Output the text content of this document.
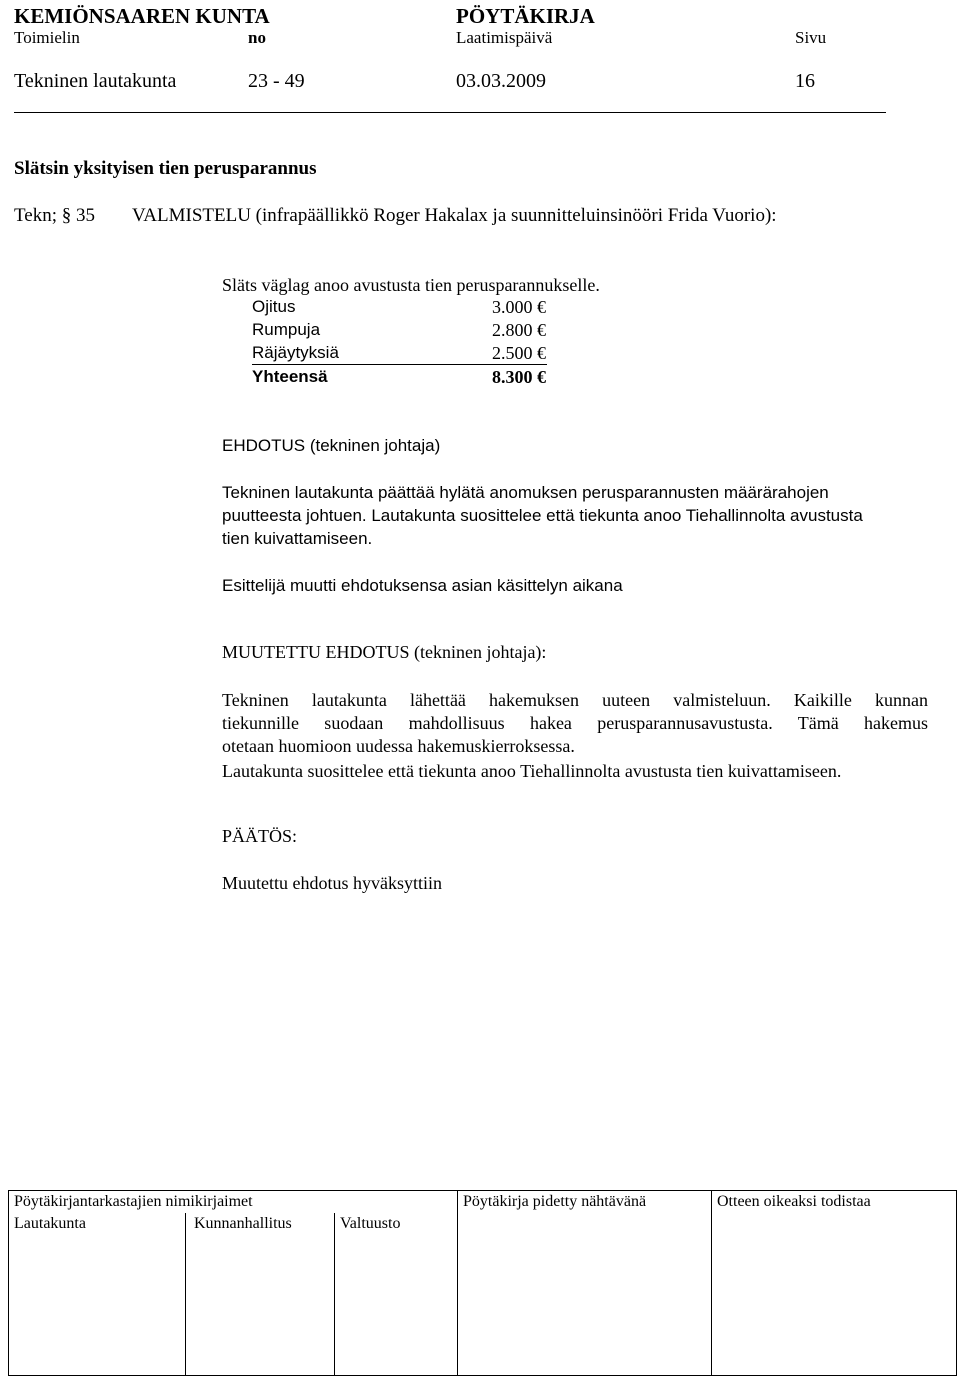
KEMIÖNSAAREN KUNTA	PÖYTÄKIRJA
Toimielin	no	Laatimispäivä	Sivu
Tekninen lautakunta	23 - 49	03.03.2009	16
Slätsin yksityisen tien perusparannus
Tekn; § 35 VALMISTELU (infrapäällikkö Roger Hakalax ja suunnitteluinsinööri Frida Vuorio):
Släts väglag anoo avustusta tien perusparannukselle.
Ojitus	3.000 €
Rumpuja	2.800 €
Räjäytyksiä	2.500 €
Yhteensä	8.300 €
EHDOTUS (tekninen johtaja)
Tekninen lautakunta päättää hylätä anomuksen perusparannusten määrärahojen
puutteesta johtuen. Lautakunta suosittelee että tiekunta anoo Tiehallinnolta avustusta
tien kuivattamiseen.
Esittelijä muutti ehdotuksensa asian käsittelyn aikana
MUUTETTU EHDOTUS (tekninen johtaja):
Tekninen lautakunta lähettää hakemuksen uuteen valmisteluun. Kaikille kunnan
tiekunnille suodaan mahdollisuus hakea perusparannusavustusta. Tämä hakemus
otetaan huomioon uudessa hakemuskierroksessa.
Lautakunta suosittelee että tiekunta anoo Tiehallinnolta avustusta tien kuivattamiseen.
PÄÄTÖS:
Muutettu ehdotus hyväksyttiin
Pöytäkirjantarkastajien nimikirjaimet
Lautakunta	Kunnanhallitus	Valtuusto
Pöytäkirja pidetty nähtävänä	Otteen oikeaksi todistaa
